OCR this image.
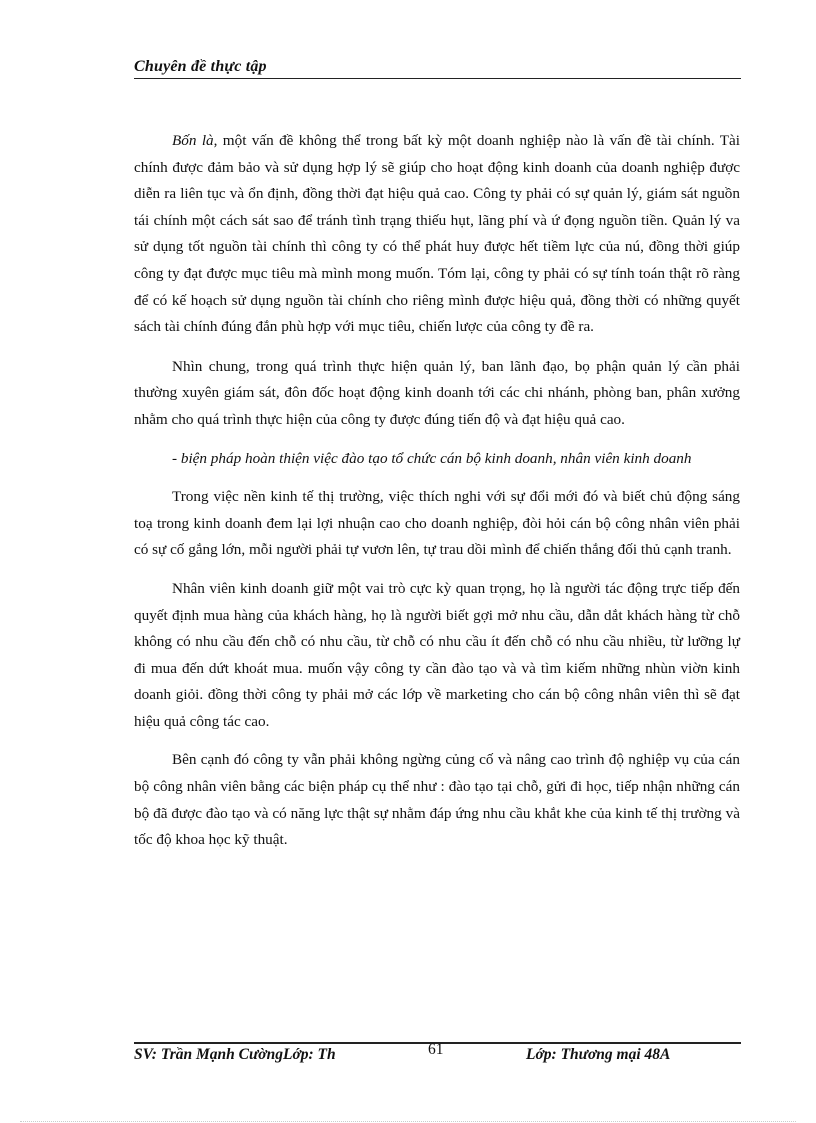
Chuyên đề thực tập

Bốn là, một vấn đề không thể trong bất kỳ một doanh nghiệp nào là vấn đề tài chính. Tài chính được đảm bảo và sử dụng hợp lý sẽ giúp cho hoạt động kinh doanh của doanh nghiệp được diễn ra liên tục và ổn định, đồng thời đạt hiệu quả cao. Công ty phải có sự quản lý, giám sát nguồn tái chính một cách sát sao để tránh tình trạng thiếu hụt, lãng phí và ứ đọng nguồn tiền. Quản lý va sử dụng tốt nguồn tài chính thì công ty có thể phát huy được hết tiềm lực của nú, đồng thời giúp công ty đạt được mục tiêu mà mình mong muốn. Tóm lại, công ty phải có sự tính toán thật rõ ràng để có kế hoạch sử dụng nguồn tài chính cho riêng mình được hiệu quả, đồng thời có những quyết sách tài chính đúng đắn phù hợp với mục tiêu, chiến lược của công ty đề ra.

Nhìn chung, trong quá trình thực hiện quản lý, ban lãnh đạo, bọ phận quản lý cần phải thường xuyên giám sát, đôn đốc hoạt động kinh doanh tới các chi nhánh, phòng ban, phân xưởng nhằm cho quá trình thực hiện của công ty được đúng tiến độ và đạt hiệu quả cao.

- biện pháp hoàn thiện việc đào tạo tổ chức cán bộ kinh doanh, nhân viên kinh doanh

Trong việc nền kinh tế thị trường, việc thích nghi với sự đổi mới đó và biết chủ động sáng toạ trong kinh doanh đem lại lợi nhuận cao cho doanh nghiệp, đòi hỏi cán bộ công nhân viên phải có sự cố gắng lớn, mỗi người phải tự vươn lên, tự trau dồi mình để chiến thắng đối thủ cạnh tranh.

Nhân viên kinh doanh giữ một vai trò cực kỳ quan trọng, họ là người tác động trực tiếp đến quyết định mua hàng của khách hàng, họ là người biết gợi mở nhu cầu, dẫn dắt khách hàng từ chỗ không có nhu cầu đến chỗ có nhu cầu, từ chỗ có nhu cầu ít đến chỗ có nhu cầu nhiều, từ lưỡng lự đi mua đến dứt khoát mua. muốn vậy công ty cần đào tạo và và tìm kiếm những nhùn viờn kinh doanh giỏi. đồng thời công ty phải mở các lớp về marketing cho cán bộ công nhân viên thì sẽ đạt hiệu quả công tác cao.

Bên cạnh đó công ty vẫn phải không ngừng củng cố và nâng cao trình độ nghiệp vụ của cán bộ công nhân viên bằng các biện pháp cụ thể như : đào tạo tại chỗ, gửi đi học, tiếp nhận những cán bộ đã được đào tạo và có năng lực thật sự nhằm đáp ứng nhu cầu khắt khe của kinh tế thị trường và tốc độ khoa học kỹ thuật.

SV: Trần Mạnh CườngLớp: Th	61	Lớp: Thương mại 48A
